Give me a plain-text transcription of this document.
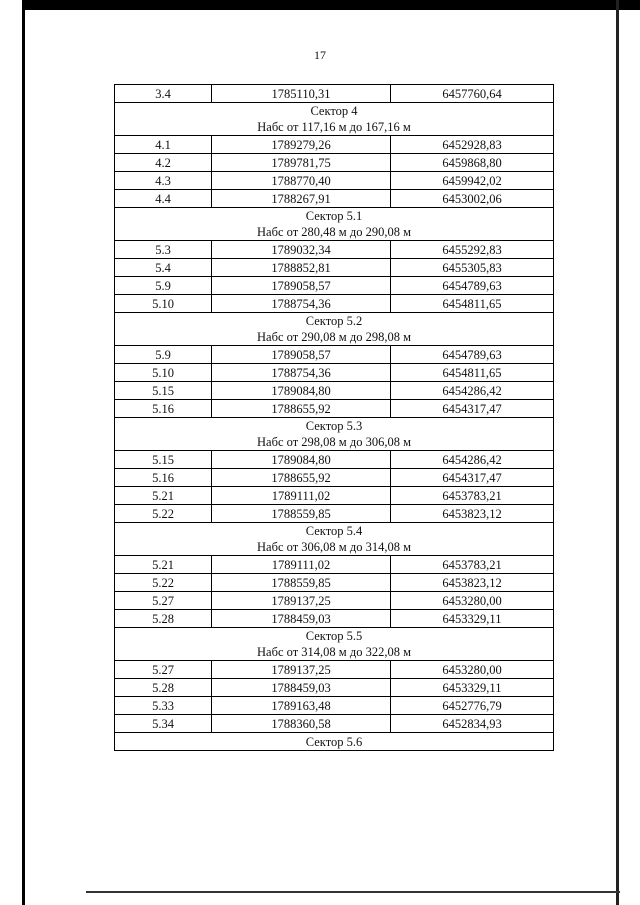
17
3.4	1785110,31	6457760,64

Сектор 4
Набс от 117,16 м до 167,16 м		

4.1	1789279,26	6452928,83
4.2	1789781,75	6459868,80
4.3	1788770,40	6459942,02
4.4	1788267,91	6453002,06

Сектор 5.1
Набс от 280,48 м до 290,08 м		

5.3	1789032,34	6455292,83
5.4	1788852,81	6455305,83
5.9	1789058,57	6454789,63
5.10	1788754,36	6454811,65

Сектор 5.2
Набс от 290,08 м до 298,08 м		

5.9	1789058,57	6454789,63
5.10	1788754,36	6454811,65
5.15	1789084,80	6454286,42
5.16	1788655,92	6454317,47

Сектор 5.3
Набс от 298,08 м до 306,08 м		

5.15	1789084,80	6454286,42
5.16	1788655,92	6454317,47
5.21	1789111,02	6453783,21
5.22	1788559,85	6453823,12

Сектор 5.4
Набс от 306,08 м до 314,08 м		

5.21	1789111,02	6453783,21
5.22	1788559,85	6453823,12
5.27	1789137,25	6453280,00
5.28	1788459,03	6453329,11

Сектор 5.5
Набс от 314,08 м до 322,08 м		

5.27	1789137,25	6453280,00
5.28	1788459,03	6453329,11
5.33	1789163,48	6452776,79
5.34	1788360,58	6452834,93

Сектор 5.6		
